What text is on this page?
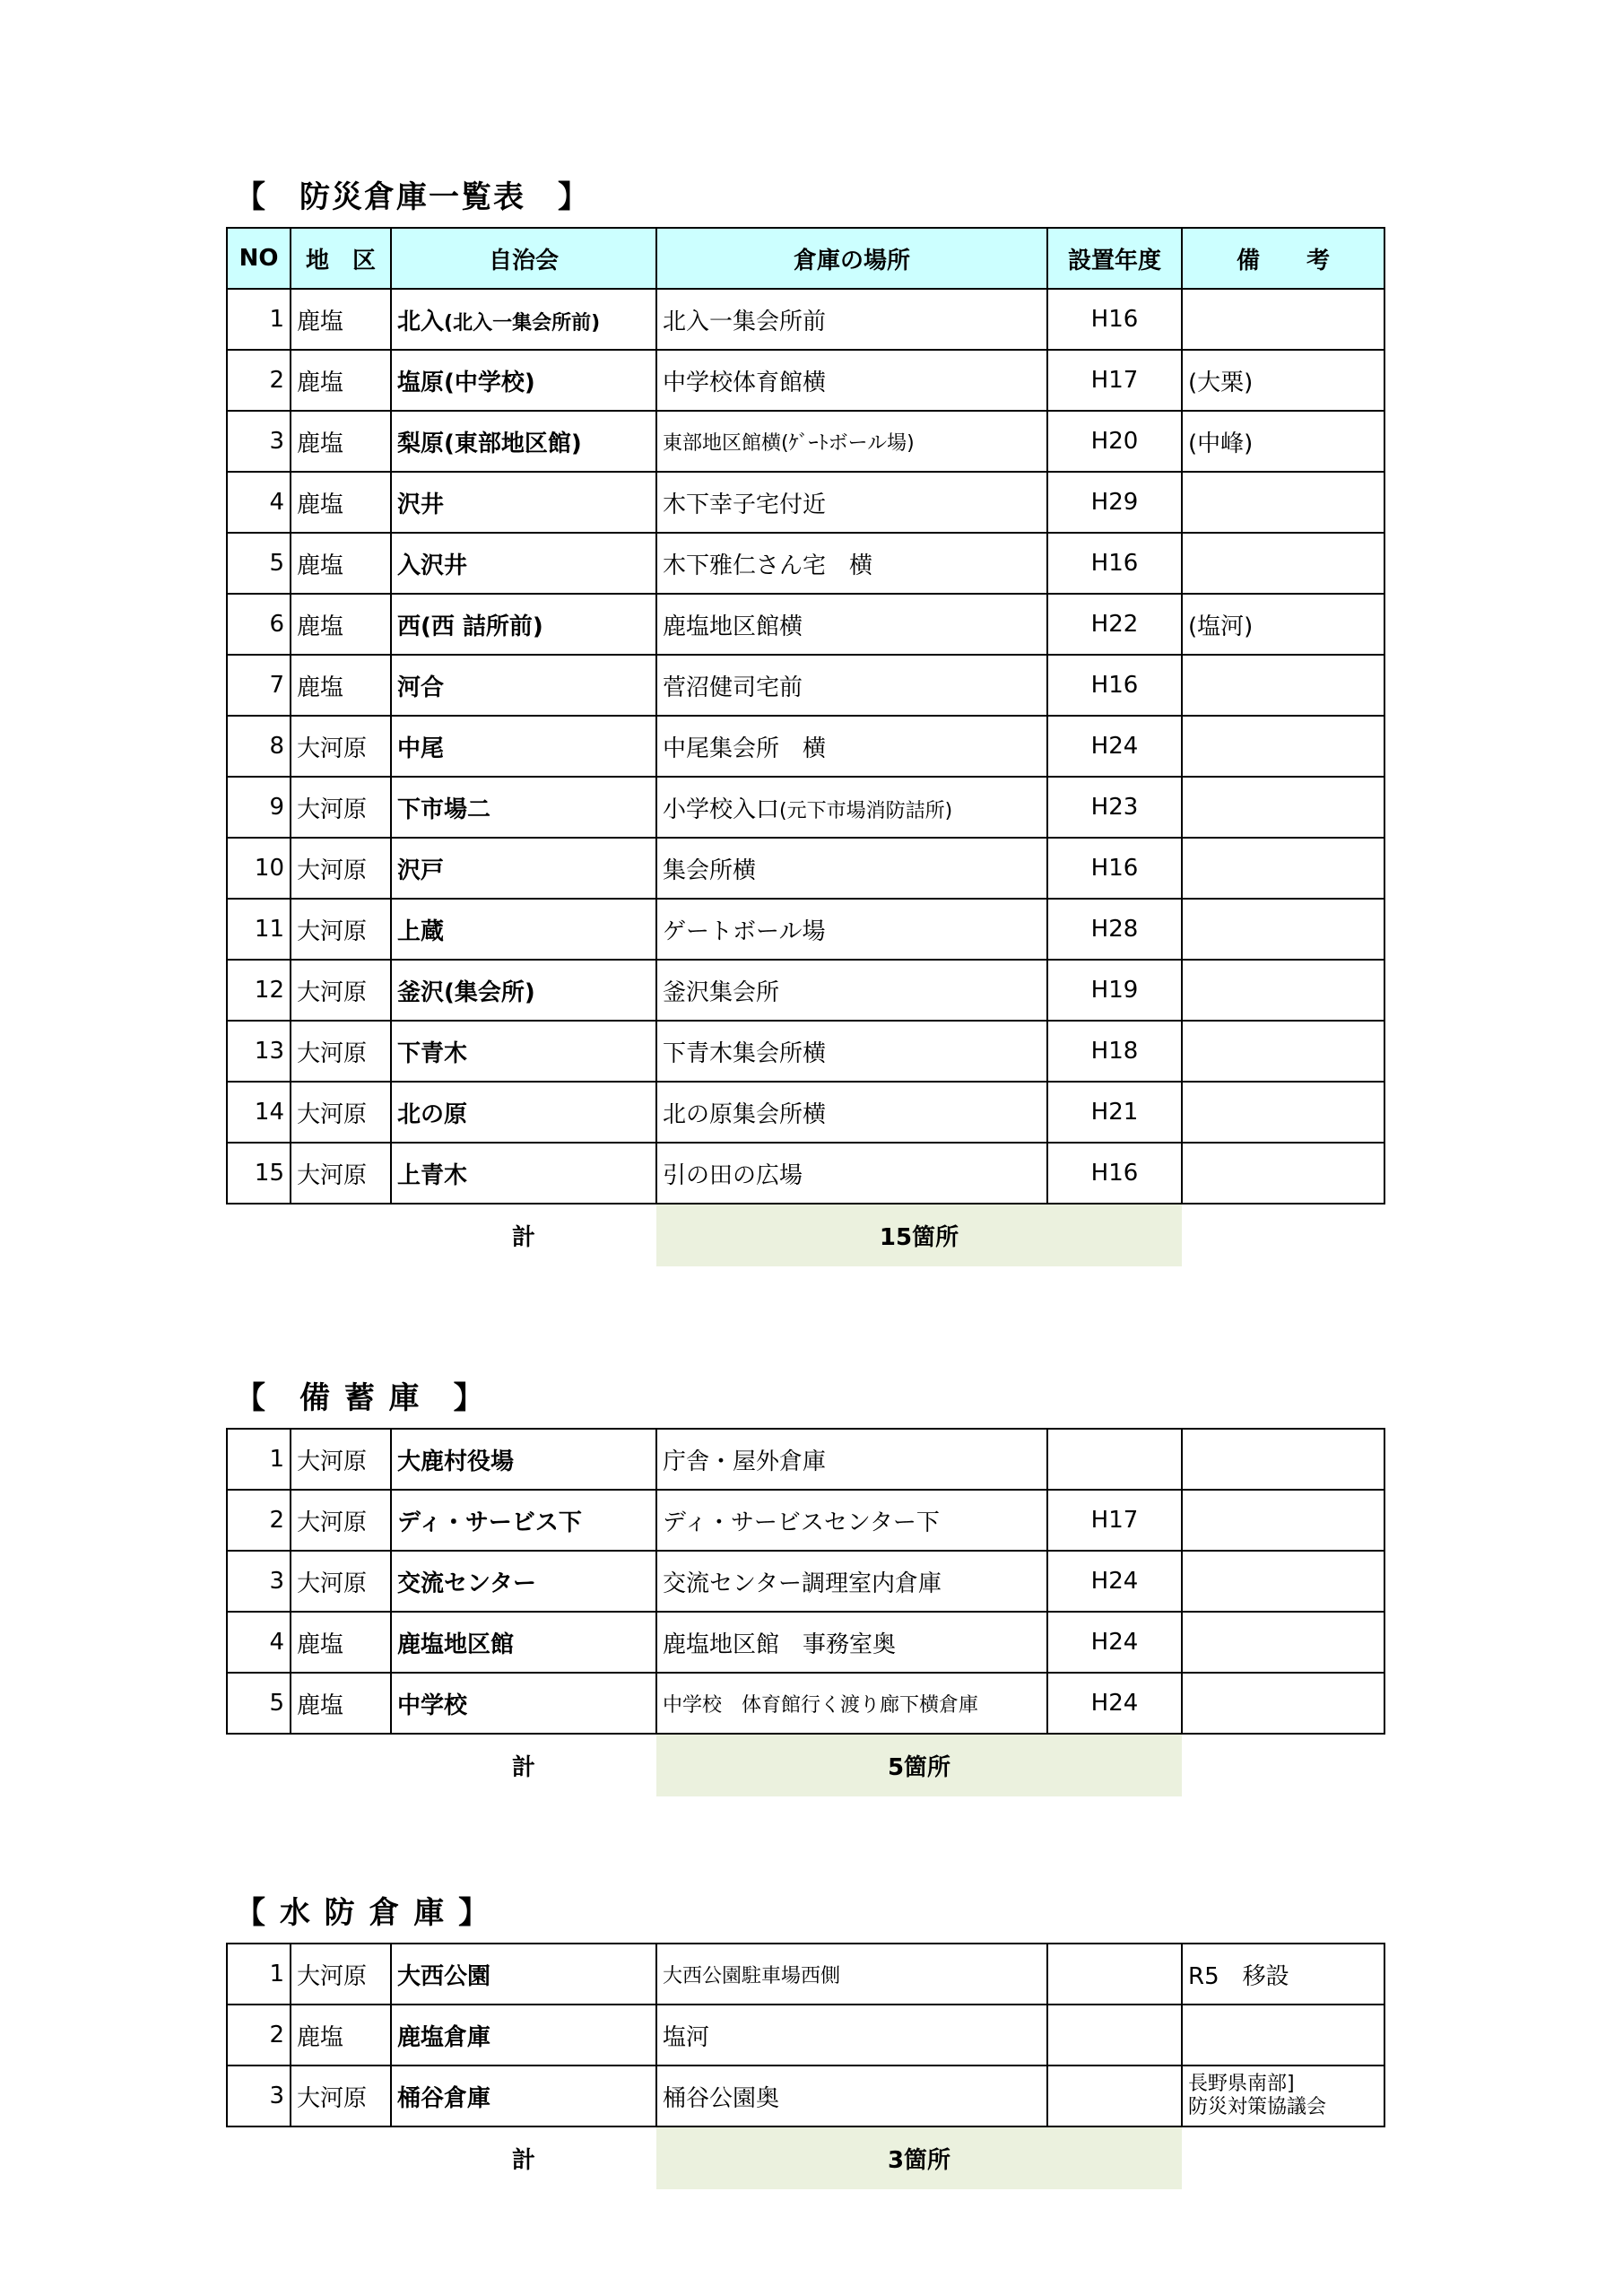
【　防災倉庫一覧表　】
NO	地　区	自治会	倉庫の場所	設置年度	備　　考
1	鹿塩	北入(北入一集会所前)	北入一集会所前	H16	

2	鹿塩	塩原(中学校)	中学校体育館横	H17	(大栗)

3	鹿塩	梨原(東部地区館)	東部地区館横(ｹﾞｰﾄボール場)	H20	(中峰)

4	鹿塩	沢井	木下幸子宅付近	H29	

5	鹿塩	入沢井	木下雅仁さん宅　横	H16	

6	鹿塩	西(西 詰所前)	鹿塩地区館横	H22	(塩河)

7	鹿塩	河合	菅沼健司宅前	H16	

8	大河原	中尾	中尾集会所　横	H24	

9	大河原	下市場二	小学校入口(元下市場消防詰所)	H23	

10	大河原	沢戸	集会所横	H16	

11	大河原	上蔵	ゲートボール場	H28	

12	大河原	釜沢(集会所)	釜沢集会所	H19	

13	大河原	下青木	下青木集会所横	H18	

14	大河原	北の原	北の原集会所横	H21	

15	大河原	上青木	引の田の広場	H16	

		計	15箇所		
【　備 蓄 庫　】
1	大河原	大鹿村役場	庁舎・屋外倉庫		

2	大河原	ディ・サービス下	ディ・サービスセンター下	H17	

3	大河原	交流センター	交流センター調理室内倉庫	H24	

4	鹿塩	鹿塩地区館	鹿塩地区館　事務室奥	H24	

5	鹿塩	中学校	中学校　体育館行く渡り廊下横倉庫	H24	

		計	5箇所		
【 水 防 倉 庫 】
1	大河原	大西公園	大西公園駐車場西側		R5　移設

2	鹿塩	鹿塩倉庫	塩河		

3	大河原	桶谷倉庫	桶谷公園奥		長野県南部]
防災対策協議会

		計	3箇所		
